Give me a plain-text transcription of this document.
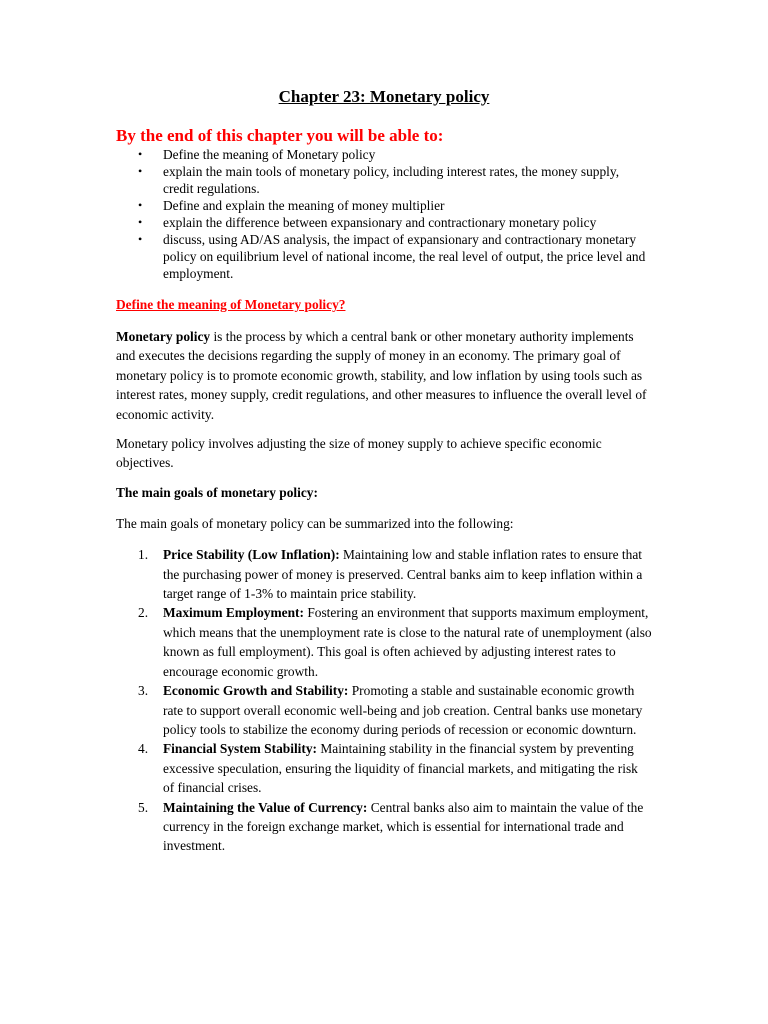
Chapter 23: Monetary policy
By the end of this chapter you will be able to:
• Define the meaning of Monetary policy
• explain the main tools of monetary policy, including interest rates, the money supply, credit regulations.
• Define and explain the meaning of money multiplier
• explain the difference between expansionary and contractionary monetary policy
• discuss, using AD/AS analysis, the impact of expansionary and contractionary monetary policy on equilibrium level of national income, the real level of output, the price level and employment.
Define the meaning of Monetary policy?

Monetary policy is the process by which a central bank or other monetary authority implements and executes the decisions regarding the supply of money in an economy. The primary goal of monetary policy is to promote economic growth, stability, and low inflation by using tools such as interest rates, money supply, credit regulations, and other measures to influence the overall level of economic activity.

Monetary policy involves adjusting the size of money supply to achieve specific economic objectives.

The main goals of monetary policy:

The main goals of monetary policy can be summarized into the following:

1. Price Stability (Low Inflation): Maintaining low and stable inflation rates to ensure that the purchasing power of money is preserved. Central banks aim to keep inflation within a target range of 1-3% to maintain price stability.
2. Maximum Employment: Fostering an environment that supports maximum employment, which means that the unemployment rate is close to the natural rate of unemployment (also known as full employment). This goal is often achieved by adjusting interest rates to encourage economic growth.
3. Economic Growth and Stability: Promoting a stable and sustainable economic growth rate to support overall economic well-being and job creation. Central banks use monetary policy tools to stabilize the economy during periods of recession or economic downturn.
4. Financial System Stability: Maintaining stability in the financial system by preventing excessive speculation, ensuring the liquidity of financial markets, and mitigating the risk of financial crises.
5. Maintaining the Value of Currency: Central banks also aim to maintain the value of the currency in the foreign exchange market, which is essential for international trade and investment.
